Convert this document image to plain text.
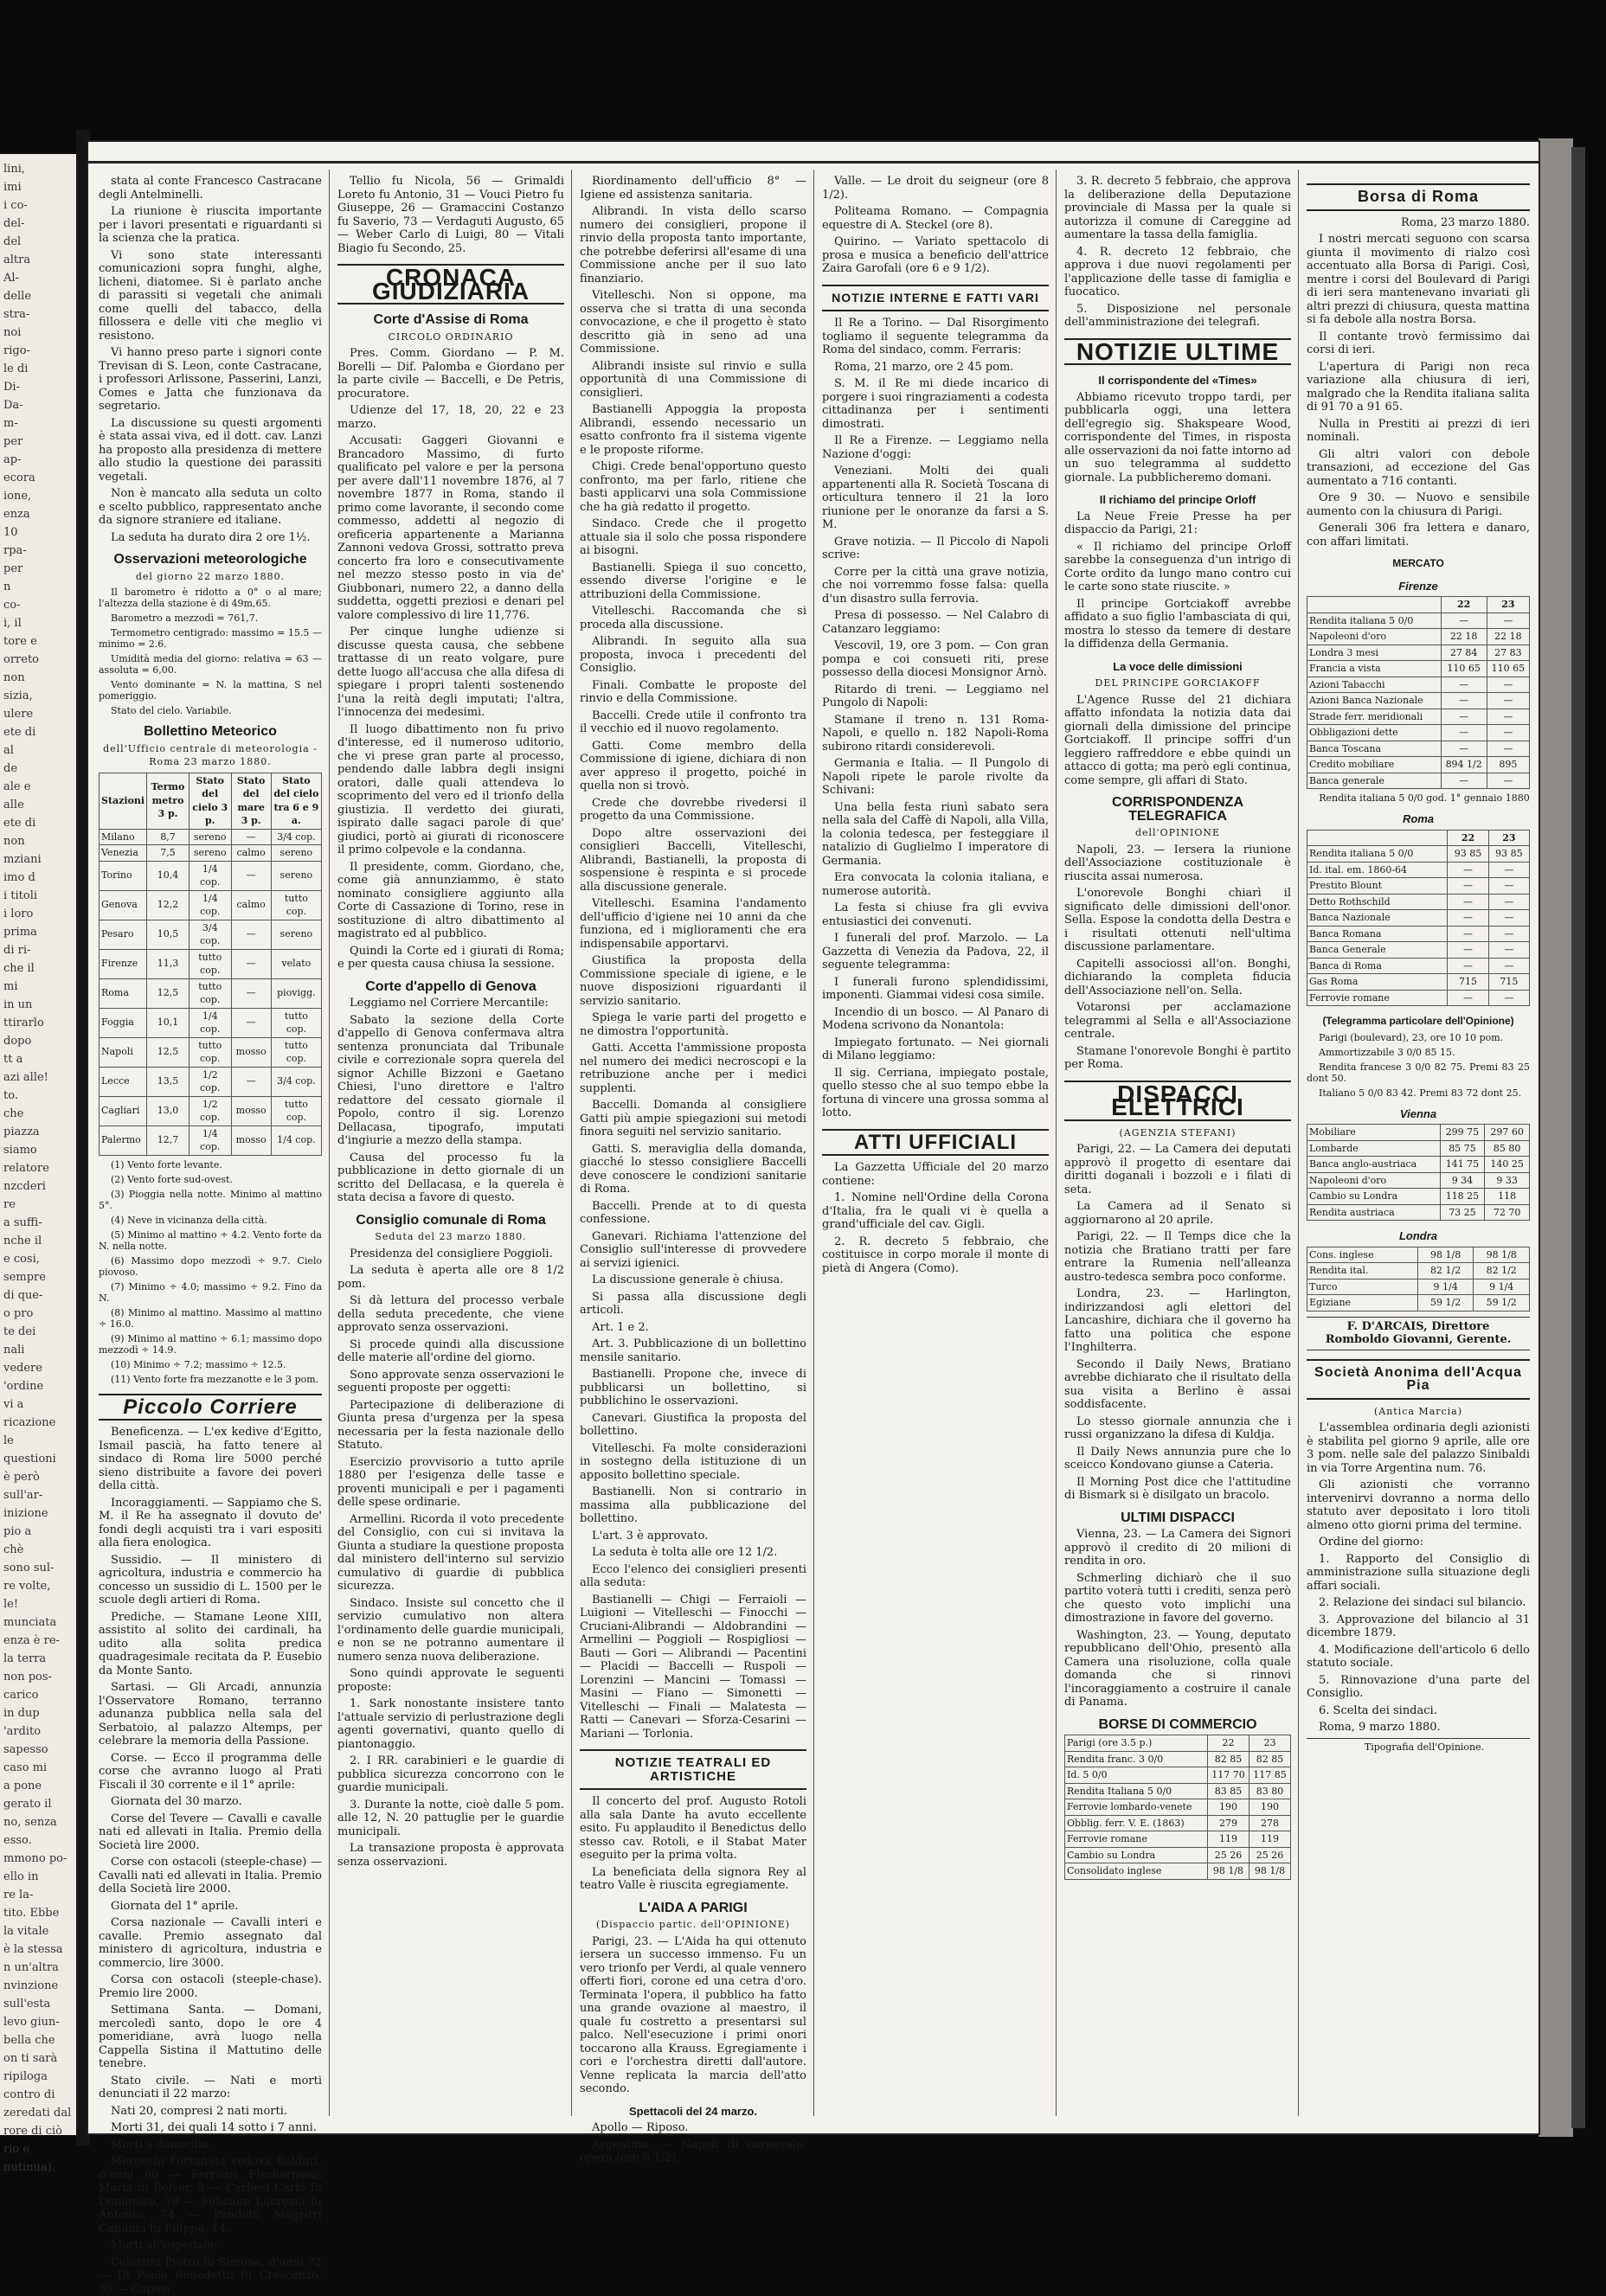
lini,
imi
i co-
del-
del
altra
Al-
delle
stra-
noi
rigo-
le di
Di-
Da-
m-
per
ap-
ecora
ione,
enza
10
rpa-
per
n
co-
i, il
tore e
orreto
non
sizia,
ulere
ete di
al
de
ale e
alle
ete di
non
mziani
imo d
i titoli
i loro
prima
di ri-
che il
mi
in un
ttirarlo
dopo
tt a
azi alle!
to.
che
piazza
siamo
relatore
nzcderi
re
a suffi-
nche il
e cosi,
sempre
di que-
o pro
te dei
nali
vedere
'ordine
vi a
ricazione
le
questioni
è però
sull'ar-
inizione
pio a
chè
sono sul-
re volte,
le!
munciata
enza è re-
la terra
non pos-
carico
in dup
'ardito
sapesso
caso mi
a pone
gerato il
no, senza
esso.
mmono po-
ello in
re la-
tito. Ebbe
la vitale
è la stessa
n un'altra
nvinzione
sull'esta
levo giun-
bella che
on ti sarà
ripiloga
contro di
zeredati dal
rore di ciò
rio e
nutinua).

stata al conte Francesco Castracane degli Antelminelli.

La riunione è riuscita importante per i lavori presentati e riguardanti si la scienza che la pratica.

Vi sono state interessanti comunicazioni sopra funghi, alghe, licheni, diatomee. Si è parlato anche di parassiti si vegetali che animali come quelli del tabacco, della fillossera e delle viti che meglio vi resistono.

Vi hanno preso parte i signori conte Trevisan di S. Leon, conte Castracane, i professori Arlissone, Passerini, Lanzi, Comes e Jatta che funzionava da segretario.

La discussione su questi argomenti è stata assai viva, ed il dott. cav. Lanzi ha proposto alla presidenza di mettere allo studio la questione dei parassiti vegetali.

Non è mancato alla seduta un colto e scelto pubblico, rappresentato anche da signore straniere ed italiane.

La seduta ha durato dira 2 ore 1½.

Osservazioni meteorologiche
del giorno 22 marzo 1880.

Il barometro è ridotto a 0° o al mare; l'altezza della stazione è di 49m,65.

Barometro a mezzodì = 761,7.

Termometro centigrado: massimo = 15.5 — minimo = 2.6.

Umidità media del giorno: relativa = 63 — assoluta = 6,00.

Vento dominante = N. la mattina, S nel pomeriggio.

Stato del cielo. Variabile.

Bollettino Meteorico
dell'Ufficio centrale di meteorologia - Roma 23 marzo 1880.
Stazioni	Termo metro 3 p.	Stato del cielo 3 p.	Stato del mare 3 p.	Stato del cielo tra 6 e 9 a.
Milano	8,7	sereno	—	3/4 cop.
Venezia	7,5	sereno	calmo	sereno
Torino	10,4	1/4 cop.	—	sereno
Genova	12,2	1/4 cop.	calmo	tutto cop.
Pesaro	10,5	3/4 cop.	—	sereno
Firenze	11,3	tutto cop.	—	velato
Roma	12,5	tutto cop.	—	piovigg.
Foggia	10,1	1/4 cop.	—	tutto cop.
Napoli	12,5	tutto cop.	mosso	tutto cop.
Lecce	13,5	1/2 cop.	—	3/4 cop.
Cagliari	13,0	1/2 cop.	mosso	tutto cop.
Palermo	12,7	1/4 cop.	mosso	1/4 cop.

(1) Vento forte levante.

(2) Vento forte sud-ovest.

(3) Pioggia nella notte. Minimo al mattino 5°.

(4) Neve in vicinanza della città.

(5) Minimo al mattino ÷ 4.2. Vento forte da N. nella notte.

(6) Massimo dopo mezzodì ÷ 9.7. Cielo piovoso.

(7) Minimo ÷ 4.0; massimo ÷ 9.2. Fino da N.

(8) Minimo al mattino. Massimo al mattino ÷ 16.0.

(9) Minimo al mattino ÷ 6.1; massimo dopo mezzodì ÷ 14.9.

(10) Minimo ÷ 7.2; massimo ÷ 12.5.

(11) Vento forte fra mezzanotte e le 3 pom.

Piccolo Corriere

Beneficenza. — L'ex kedive d'Egitto, Ismail pascià, ha fatto tenere al sindaco di Roma lire 5000 perché sieno distribuite a favore dei poveri della città.

Incoraggiamenti. — Sappiamo che S. M. il Re ha assegnato il dovuto de' fondi degli acquisti tra i vari espositi alla fiera enologica.

Sussidio. — Il ministero di agricoltura, industria e commercio ha concesso un sussidio di L. 1500 per le scuole degli artieri di Roma.

Prediche. — Stamane Leone XIII, assistito al solito dei cardinali, ha udito alla solita predica quadragesimale recitata da P. Eusebio da Monte Santo.

Sartasi. — Gli Arcadi, annunzia l'Osservatore Romano, terranno adunanza pubblica nella sala del Serbatoio, al palazzo Altemps, per celebrare la memoria della Passione.

Corse. — Ecco il programma delle corse che avranno luogo al Prati Fiscali il 30 corrente e il 1° aprile:

Giornata del 30 marzo.

Corse del Tevere — Cavalli e cavalle nati ed allevati in Italia. Premio della Società lire 2000.

Corse con ostacoli (steeple-chase) — Cavalli nati ed allevati in Italia. Premio della Società lire 2000.

Giornata del 1° aprile.

Corsa nazionale — Cavalli interi e cavalle. Premio assegnato dal ministero di agricoltura, industria e commercio, lire 3000.

Corsa con ostacoli (steeple-chase). Premio lire 2000.

Settimana Santa. — Domani, mercoledì santo, dopo le ore 4 pomeridiane, avrà luogo nella Cappella Sistina il Mattutino delle tenebre.

Stato civile. — Nati e morti denunciati il 22 marzo:

Nati 20, compresi 2 nati morti.

Morti 31, dei quali 14 sotto i 7 anni.

Morti a domicilio.

Mercechi Fortunata vedova Balduri, d'anni 60 — Ferrazzi Fischermaus Maria in Bolver, 2 — Carlieri Carlo fu Domenico, 78 — Felicioni Lucrezia fu Antonio, 74 — Pandolfi Magistri Candida fu Filippo, 44.

Morti all'ospedale:

Celestini Pietro fu Simone, d'anni 72 — Di Paolo Benedetto fu Crescenzo, 39 — Capasi

Tellio fu Nicola, 56 — Grimaldi Loreto fu Antonio, 31 — Vouci Pietro fu Giuseppe, 26 — Gramaccini Costanzo fu Saverio, 73 — Verdaguti Augusto, 65 — Weber Carlo di Luigi, 80 — Vitali Biagio fu Secondo, 25.

CRONACA GIUDIZIARIA
Corte d'Assise di Roma
CIRCOLO ORDINARIO

Pres. Comm. Giordano — P. M. Borelli — Dif. Palomba e Giordano per la parte civile — Baccelli, e De Petris, procuratore.

Udienze del 17, 18, 20, 22 e 23 marzo.

Accusati: Gaggeri Giovanni e Brancadoro Massimo, di furto qualificato pel valore e per la persona per avere dall'11 novembre 1876, al 7 novembre 1877 in Roma, stando il primo come lavorante, il secondo come commesso, addetti al negozio di oreficeria appartenente a Marianna Zannoni vedova Grossi, sottratto preva concerto fra loro e consecutivamente nel mezzo stesso posto in via de' Giubbonari, numero 22, a danno della suddetta, oggetti preziosi e denari pel valore complessivo di lire 11,776.

Per cinque lunghe udienze si discusse questa causa, che sebbene trattasse di un reato volgare, pure dette luogo all'accusa che alla difesa di spiegare i propri talenti sostenendo l'una la reità degli imputati; l'altra, l'innocenza dei medesimi.

Il luogo dibattimento non fu privo d'interesse, ed il numeroso uditorio, che vi prese gran parte al processo, pendendo dalle labbra degli insigni oratori, dalle quali attendeva lo scoprimento del vero ed il trionfo della giustizia. Il verdetto dei giurati, ispirato dalle sagaci parole di que' giudici, portò ai giurati di riconoscere il primo colpevole e la condanna.

Il presidente, comm. Giordano, che, come già annunziammo, è stato nominato consigliere aggiunto alla Corte di Cassazione di Torino, rese in sostituzione di altro dibattimento al magistrato ed al pubblico.

Quindi la Corte ed i giurati di Roma; e per questa causa chiusa la sessione.

Corte d'appello di Genova

Leggiamo nel Corriere Mercantile:

Sabato la sezione della Corte d'appello di Genova confermava altra sentenza pronunciata dal Tribunale civile e correzionale sopra querela del signor Achille Bizzoni e Gaetano Chiesi, l'uno direttore e l'altro redattore del cessato giornale il Popolo, contro il sig. Lorenzo Dellacasa, tipografo, imputati d'ingiurie a mezzo della stampa.

Causa del processo fu la pubblicazione in detto giornale di un scritto del Dellacasa, e la querela è stata decisa a favore di questo.

Consiglio comunale di Roma
Seduta del 23 marzo 1880.

Presidenza del consigliere Poggioli.

La seduta è aperta alle ore 8 1/2 pom.

Si dà lettura del processo verbale della seduta precedente, che viene approvato senza osservazioni.

Si procede quindi alla discussione delle materie all'ordine del giorno.

Sono approvate senza osservazioni le seguenti proposte per oggetti:

Partecipazione di deliberazione di Giunta presa d'urgenza per la spesa necessaria per la festa nazionale dello Statuto.

Esercizio provvisorio a tutto aprile 1880 per l'esigenza delle tasse e proventi municipali e per i pagamenti delle spese ordinarie.

Armellini. Ricorda il voto precedente del Consiglio, con cui si invitava la Giunta a studiare la questione proposta dal ministero dell'interno sul servizio cumulativo di guardie di pubblica sicurezza.

Sindaco. Insiste sul concetto che il servizio cumulativo non altera l'ordinamento delle guardie municipali, e non se ne potranno aumentare il numero senza nuova deliberazione.

Sono quindi approvate le seguenti proposte:

1. Sark nonostante insistere tanto l'attuale servizio di perlustrazione degli agenti governativi, quanto quello di piantonaggio.

2. I RR. carabinieri e le guardie di pubblica sicurezza concorrono con le guardie municipali.

3. Durante la notte, cioè dalle 5 pom. alle 12, N. 20 pattuglie per le guardie municipali.

La transazione proposta è approvata senza osservazioni.

Riordinamento dell'ufficio 8° — Igiene ed assistenza sanitaria.

Alibrandi. In vista dello scarso numero dei consiglieri, propone il rinvio della proposta tanto importante, che potrebbe deferirsi all'esame di una Commissione anche per il suo lato finanziario.

Vitelleschi. Non si oppone, ma osserva che si tratta di una seconda convocazione, e che il progetto è stato descritto già in seno ad una Commissione.

Alibrandi insiste sul rinvio e sulla opportunità di una Commissione di consiglieri.

Bastianelli Appoggia la proposta Alibrandi, essendo necessario un esatto confronto fra il sistema vigente e le proposte riforme.

Chigi. Crede benal'opportuno questo confronto, ma per farlo, ritiene che basti applicarvi una sola Commissione che ha già redatto il progetto.

Sindaco. Crede che il progetto attuale sia il solo che possa rispondere ai bisogni.

Bastianelli. Spiega il suo concetto, essendo diverse l'origine e le attribuzioni della Commissione.

Vitelleschi. Raccomanda che si proceda alla discussione.

Alibrandi. In seguito alla sua proposta, invoca i precedenti del Consiglio.

Finali. Combatte le proposte del rinvio e della Commissione.

Baccelli. Crede utile il confronto tra il vecchio ed il nuovo regolamento.

Gatti. Come membro della Commissione di igiene, dichiara di non aver appreso il progetto, poiché in quella non si trovò.

Crede che dovrebbe rivedersi il progetto da una Commissione.

Dopo altre osservazioni dei consiglieri Baccelli, Vitelleschi, Alibrandi, Bastianelli, la proposta di sospensione è respinta e si procede alla discussione generale.

Vitelleschi. Esamina l'andamento dell'ufficio d'igiene nei 10 anni da che funziona, ed i miglioramenti che era indispensabile apportarvi.

Giustifica la proposta della Commissione speciale di igiene, e le nuove disposizioni riguardanti il servizio sanitario.

Spiega le varie parti del progetto e ne dimostra l'opportunità.

Gatti. Accetta l'ammissione proposta nel numero dei medici necroscopi e la retribuzione anche per i medici supplenti.

Baccelli. Domanda al consigliere Gatti più ampie spiegazioni sui metodi finora seguiti nel servizio sanitario.

Gatti. S. meraviglia della domanda, giacché lo stesso consigliere Baccelli deve conoscere le condizioni sanitarie di Roma.

Baccelli. Prende at to di questa confessione.

Ganevari. Richiama l'attenzione del Consiglio sull'interesse di provvedere ai servizi igienici.

La discussione generale è chiusa.

Si passa alla discussione degli articoli.

Art. 1 e 2.

Art. 3. Pubblicazione di un bollettino mensile sanitario.

Bastianelli. Propone che, invece di pubblicarsi un bollettino, si pubblichino le osservazioni.

Canevari. Giustifica la proposta del bollettino.

Vitelleschi. Fa molte considerazioni in sostegno della istituzione di un apposito bollettino speciale.

Bastianelli. Non si contrario in massima alla pubblicazione del bollettino.

L'art. 3 è approvato.

La seduta è tolta alle ore 12 1/2.

Ecco l'elenco dei consiglieri presenti alla seduta:

Bastianelli — Chigi — Ferraioli — Luigioni — Vitelleschi — Finocchi — Cruciani-Alibrandi — Aldobrandini — Armellini — Poggioli — Rospigliosi — Bauti — Gori — Alibrandi — Pacentini — Placidi — Baccelli — Ruspoli — Lorenzini — Mancini — Tomassi — Masini — Fiano — Simonetti — Vitelleschi — Finali — Malatesta — Ratti — Canevari — Sforza-Cesarini — Mariani — Torlonia.

NOTIZIE TEATRALI ED ARTISTICHE

Il concerto del prof. Augusto Rotoli alla sala Dante ha avuto eccellente esito. Fu applaudito il Benedictus dello stesso cav. Rotoli, e il Stabat Mater eseguito per la prima volta.

La beneficiata della signora Rey al teatro Valle è riuscita egregiamente.

L'AIDA A PARIGI
(Dispaccio partic. dell'OPINIONE)

Parigi, 23. — L'Aida ha qui ottenuto iersera un successo immenso. Fu un vero trionfo per Verdi, al quale vennero offerti fiori, corone ed una cetra d'oro. Terminata l'opera, il pubblico ha fatto una grande ovazione al maestro, il quale fu costretto a presentarsi sul palco. Nell'esecuzione i primi onori toccarono alla Krauss. Egregiamente i cori e l'orchestra diretti dall'autore. Venne replicata la marcia dell'atto secondo.

Spettacoli del 24 marzo.

Apollo — Riposo.

Argentina. — Napoli di carnevale, opera (ore 8 1/2).

Valle. — Le droit du seigneur (ore 8 1/2).

Politeama Romano. — Compagnia equestre di A. Steckel (ore 8).

Quirino. — Variato spettacolo di prosa e musica a beneficio dell'attrice Zaira Garofali (ore 6 e 9 1/2).

NOTIZIE INTERNE E FATTI VARI

Il Re a Torino. — Dal Risorgimento togliamo il seguente telegramma da Roma del sindaco, comm. Ferraris:

Roma, 21 marzo, ore 2 45 pom.

S. M. il Re mi diede incarico di porgere i suoi ringraziamenti a codesta cittadinanza per i sentimenti dimostrati.

Il Re a Firenze. — Leggiamo nella Nazione d'oggi:

Veneziani. Molti dei quali appartenenti alla R. Società Toscana di orticultura tennero il 21 la loro riunione per le onoranze da farsi a S. M.

Grave notizia. — Il Piccolo di Napoli scrive:

Corre per la città una grave notizia, che noi vorremmo fosse falsa: quella d'un disastro sulla ferrovia.

Presa di possesso. — Nel Calabro di Catanzaro leggiamo:

Vescovil, 19, ore 3 pom. — Con gran pompa e coi consueti riti, prese possesso della diocesi Monsignor Arnò.

Ritardo di treni. — Leggiamo nel Pungolo di Napoli:

Stamane il treno n. 131 Roma-Napoli, e quello n. 182 Napoli-Roma subirono ritardi considerevoli.

Germania e Italia. — Il Pungolo di Napoli ripete le parole rivolte da Schivani:

Una bella festa riunì sabato sera nella sala del Caffè di Napoli, alla Villa, la colonia tedesca, per festeggiare il natalizio di Guglielmo I imperatore di Germania.

Era convocata la colonia italiana, e numerose autorità.

La festa si chiuse fra gli evviva entusiastici dei convenuti.

I funerali del prof. Marzolo. — La Gazzetta di Venezia da Padova, 22, il seguente telegramma:

I funerali furono splendidissimi, imponenti. Giammai videsi cosa simile.

Incendio di un bosco. — Al Panaro di Modena scrivono da Nonantola:

Impiegato fortunato. — Nei giornali di Milano leggiamo:

Il sig. Cerriana, impiegato postale, quello stesso che al suo tempo ebbe la fortuna di vincere una grossa somma al lotto.

ATTI UFFICIALI

La Gazzetta Ufficiale del 20 marzo contiene:

1. Nomine nell'Ordine della Corona d'Italia, fra le quali vi è quella a grand'ufficiale del cav. Gigli.

2. R. decreto 5 febbraio, che costituisce in corpo morale il monte di pietà di Angera (Como).

3. R. decreto 5 febbraio, che approva la deliberazione della Deputazione provinciale di Massa per la quale si autorizza il comune di Careggine ad aumentare la tassa della famiglia.

4. R. decreto 12 febbraio, che approva i due nuovi regolamenti per l'applicazione delle tasse di famiglia e fuocatico.

5. Disposizione nel personale dell'amministrazione dei telegrafi.

NOTIZIE ULTIME
Il corrispondente del «Times»

Abbiamo ricevuto troppo tardi, per pubblicarla oggi, una lettera dell'egregio sig. Shakspeare Wood, corrispondente del Times, in risposta alle osservazioni da noi fatte intorno ad un suo telegramma al suddetto giornale. La pubblicheremo domani.

Il richiamo del principe Orloff

La Neue Freie Presse ha per dispaccio da Parigi, 21:

« Il richiamo del principe Orloff sarebbe la conseguenza d'un intrigo di Corte ordito da lungo mano contro cui le carte sono state riuscite. »

Il principe Gortciakoff avrebbe affidato a suo figlio l'ambasciata di qui, mostra lo stesso da temere di destare la diffidenza della Germania.

La voce delle dimissioni
DEL PRINCIPE GORCIAKOFF

L'Agence Russe del 21 dichiara affatto infondata la notizia data dai giornali della dimissione del principe Gortciakoff. Il principe soffri d'un leggiero raffreddore e ebbe quindi un attacco di gotta; ma però egli continua, come sempre, gli affari di Stato.

CORRISPONDENZA TELEGRAFICA
dell'OPINIONE

Napoli, 23. — Iersera la riunione dell'Associazione costituzionale è riuscita assai numerosa.

L'onorevole Bonghi chiarì il significato delle dimissioni dell'onor. Sella. Espose la condotta della Destra e i risultati ottenuti nell'ultima discussione parlamentare.

Capitelli associossi all'on. Bonghi, dichiarando la completa fiducia dell'Associazione nell'on. Sella.

Votaronsi per acclamazione telegrammi al Sella e all'Associazione centrale.

Stamane l'onorevole Bonghi è partito per Roma.

DISPACCI ELETTRICI
(AGENZIA STEFANI)

Parigi, 22. — La Camera dei deputati approvò il progetto di esentare dai diritti doganali i bozzoli e i filati di seta.

La Camera ad il Senato si aggiornarono al 20 aprile.

Parigi, 22. — Il Temps dice che la notizia che Bratiano tratti per fare entrare la Rumenia nell'alleanza austro-tedesca sembra poco conforme.

Londra, 23. — Harlington, indirizzandosi agli elettori del Lancashire, dichiara che il governo ha fatto una politica che espone l'Inghilterra.

Secondo il Daily News, Bratiano avrebbe dichiarato che il risultato della sua visita a Berlino è assai soddisfacente.

Lo stesso giornale annunzia che i russi organizzano la difesa di Kuldja.

Il Daily News annunzia pure che lo sceicco Kondovano giunse a Cateria.

Il Morning Post dice che l'attitudine di Bismark si è disilgato un bracolo.

ULTIMI DISPACCI

Vienna, 23. — La Camera dei Signori approvò il credito di 20 milioni di rendita in oro.

Schmerling dichiarò che il suo partito voterà tutti i crediti, senza però che questo voto implichi una dimostrazione in favore del governo.

Washington, 23. — Young, deputato repubblicano dell'Ohio, presentò alla Camera una risoluzione, colla quale domanda che si rinnovi l'incoraggiamento a costruire il canale di Panama.

BORSE DI COMMERCIO
Parigi (ore 3.5 p.)	22	23
Rendita franc. 3 0/0	82 85	82 85
Id. 5 0/0	117 70	117 85
Rendita Italiana 5 0/0	83 85	83 80
Ferrovie lombardo-venete	190	190
Obblig. ferr. V. E. (1863)	279	278
Ferrovie romane	119	119
Cambio su Londra	25 26	25 26
Consolidato inglese	98 1/8	98 1/8
Borsa di Roma

Roma, 23 marzo 1880.

I nostri mercati seguono con scarsa giunta il movimento di rialzo così accentuato alla Borsa di Parigi. Così, mentre i corsi del Boulevard di Parigi di ieri sera mantenevano invariati gli altri prezzi di chiusura, questa mattina si fa debole alla nostra Borsa.

Il contante trovò fermissimo dai corsi di ieri.

L'apertura di Parigi non reca variazione alla chiusura di ieri, malgrado che la Rendita italiana salita di 91 70 a 91 65.

Nulla in Prestiti ai prezzi di ieri nominali.

Gli altri valori con debole transazioni, ad eccezione del Gas aumentato a 716 contanti.

Ore 9 30. — Nuovo e sensibile aumento con la chiusura di Parigi.

Generali 306 fra lettera e danaro, con affari limitati.

MERCATO
Firenze
	22	23
Rendita italiana 5 0/0	—	—
Napoleoni d'oro	22 18	22 18
Londra 3 mesi	27 84	27 83
Francia a vista	110 65	110 65
Azioni Tabacchi	—	—
Azioni Banca Nazionale	—	—
Strade ferr. meridionali	—	—
Obbligazioni dette	—	—
Banca Toscana	—	—
Credito mobiliare	894 1/2	895
Banca generale	—	—

Rendita italiana 5 0/0 god. 1° gennaio 1880

Roma
	22	23
Rendita italiana 5 0/0	93 85	93 85
Id. ital. em. 1860-64	—	—
Prestito Blount	—	—
Detto Rothschild	—	—
Banca Nazionale	—	—
Banca Romana	—	—
Banca Generale	—	—
Banca di Roma	—	—
Gas Roma	715	715
Ferrovie romane	—	—
(Telegramma particolare dell'Opinione)

Parigi (boulevard), 23, ore 10 10 pom.

Ammortizzabile 3 0/0 85 15.

Rendita francese 3 0/0 82 75. Premi 83 25 dont 50.

Italiano 5 0/0 83 42. Premi 83 72 dont 25.

Vienna
Mobiliare	299 75	297 60
Lombarde	85 75	85 80
Banca anglo-austriaca	141 75	140 25
Napoleoni d'oro	9 34	9 33
Cambio su Londra	118 25	118
Rendita austriaca	73 25	72 70
Londra
Cons. inglese	98 1/8	98 1/8
Rendita ital.	82 1/2	82 1/2
Turco	9 1/4	9 1/4
Egiziane	59 1/2	59 1/2
F. D'ARCAIS, Direttore
Romboldo Giovanni, Gerente.
Società Anonima dell'Acqua Pia
(Antica Marcia)

L'assemblea ordinaria degli azionisti è stabilita pel giorno 9 aprile, alle ore 3 pom. nelle sale del palazzo Sinibaldi in via Torre Argentina num. 76.

Gli azionisti che vorranno intervenirvi dovranno a norma dello statuto aver depositato i loro titoli almeno otto giorni prima del termine.

Ordine del giorno:

1. Rapporto del Consiglio di amministrazione sulla situazione degli affari sociali.

2. Relazione dei sindaci sul bilancio.

3. Approvazione del bilancio al 31 dicembre 1879.

4. Modificazione dell'articolo 6 dello statuto sociale.

5. Rinnovazione d'una parte del Consiglio.

6. Scelta dei sindaci.

Roma, 9 marzo 1880.

Tipografia dell'Opinione.
